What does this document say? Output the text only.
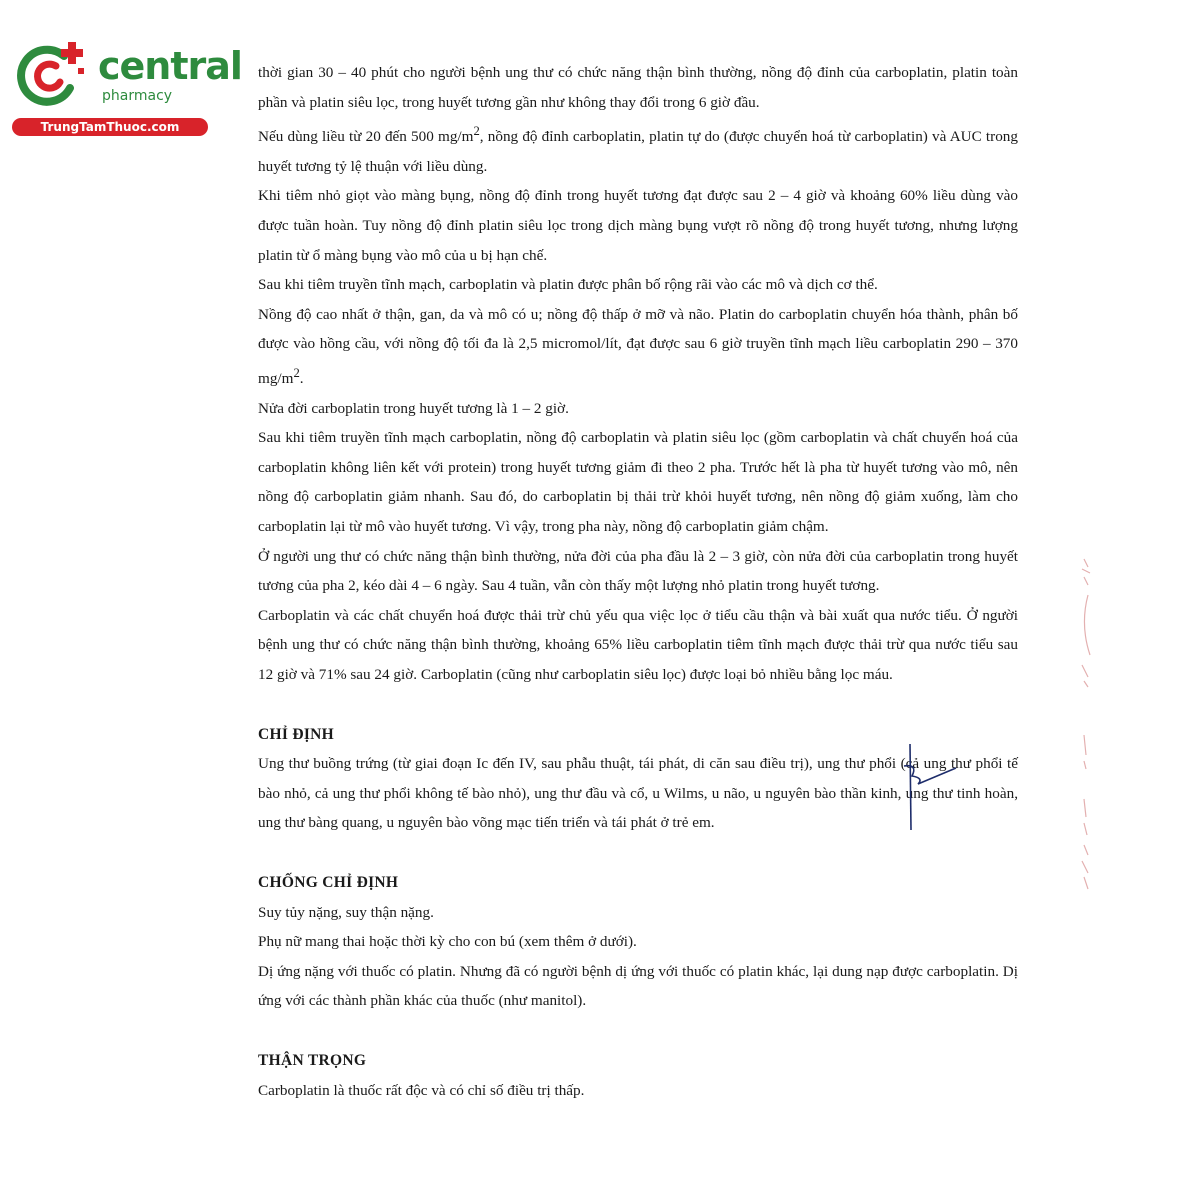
central
pharmacy
TrungTamThuoc.com

thời gian 30 – 40 phút cho người bệnh ung thư có chức năng thận bình thường, nồng độ đỉnh của carboplatin, platin toàn phần và platin siêu lọc, trong huyết tương gần như không thay đổi trong 6 giờ đầu.

Nếu dùng liều từ 20 đến 500 $mg/m^2$, nồng độ đỉnh carboplatin, platin tự do (được chuyển hoá từ carboplatin) và AUC trong huyết tương tỷ lệ thuận với liều dùng.

Khi tiêm nhỏ giọt vào màng bụng, nồng độ đỉnh trong huyết tương đạt được sau 2 – 4 giờ và khoảng 60% liều dùng vào được tuần hoàn. Tuy nồng độ đỉnh platin siêu lọc trong dịch màng bụng vượt rõ nồng độ trong huyết tương, nhưng lượng platin từ ổ màng bụng vào mô của u bị hạn chế.

Sau khi tiêm truyền tĩnh mạch, carboplatin và platin được phân bố rộng rãi vào các mô và dịch cơ thể.

Nồng độ cao nhất ở thận, gan, da và mô có u; nồng độ thấp ở mỡ và não. Platin do carboplatin chuyển hóa thành, phân bố được vào hồng cầu, với nồng độ tối đa là 2,5 micromol/lít, đạt được sau 6 giờ truyền tĩnh mạch liều carboplatin 290 – 370 $mg/m^2$.

Nửa đời carboplatin trong huyết tương là 1 – 2 giờ.

Sau khi tiêm truyền tĩnh mạch carboplatin, nồng độ carboplatin và platin siêu lọc (gồm carboplatin và chất chuyển hoá của carboplatin không liên kết với protein) trong huyết tương giảm đi theo 2 pha. Trước hết là pha từ huyết tương vào mô, nên nồng độ carboplatin giảm nhanh. Sau đó, do carboplatin bị thải trừ khỏi huyết tương, nên nồng độ giảm xuống, làm cho carboplatin lại từ mô vào huyết tương. Vì vậy, trong pha này, nồng độ carboplatin giảm chậm.

Ở người ung thư có chức năng thận bình thường, nửa đời của pha đầu là 2 – 3 giờ, còn nửa đời của carboplatin trong huyết tương của pha 2, kéo dài 4 – 6 ngày. Sau 4 tuần, vẫn còn thấy một lượng nhỏ platin trong huyết tương.

Carboplatin và các chất chuyển hoá được thải trừ chủ yếu qua việc lọc ở tiểu cầu thận và bài xuất qua nước tiểu. Ở người bệnh ung thư có chức năng thận bình thường, khoảng 65% liều carboplatin tiêm tĩnh mạch được thải trừ qua nước tiểu sau 12 giờ và 71% sau 24 giờ. Carboplatin (cũng như carboplatin siêu lọc) được loại bỏ nhiều bằng lọc máu.

CHỈ ĐỊNH

Ung thư buồng trứng (từ giai đoạn Ic đến IV, sau phẫu thuật, tái phát, di căn sau điều trị), ung thư phổi (cả ung thư phổi tế bào nhỏ, cả ung thư phổi không tế bào nhỏ), ung thư đầu và cổ, u Wilms, u não, u nguyên bào thần kinh, ung thư tinh hoàn, ung thư bàng quang, u nguyên bào võng mạc tiến triển và tái phát ở trẻ em.

CHỐNG CHỈ ĐỊNH

Suy tủy nặng, suy thận nặng.

Phụ nữ mang thai hoặc thời kỳ cho con bú (xem thêm ở dưới).

Dị ứng nặng với thuốc có platin. Nhưng đã có người bệnh dị ứng với thuốc có platin khác, lại dung nạp được carboplatin. Dị ứng với các thành phần khác của thuốc (như manitol).

THẬN TRỌNG

Carboplatin là thuốc rất độc và có chỉ số điều trị thấp.
